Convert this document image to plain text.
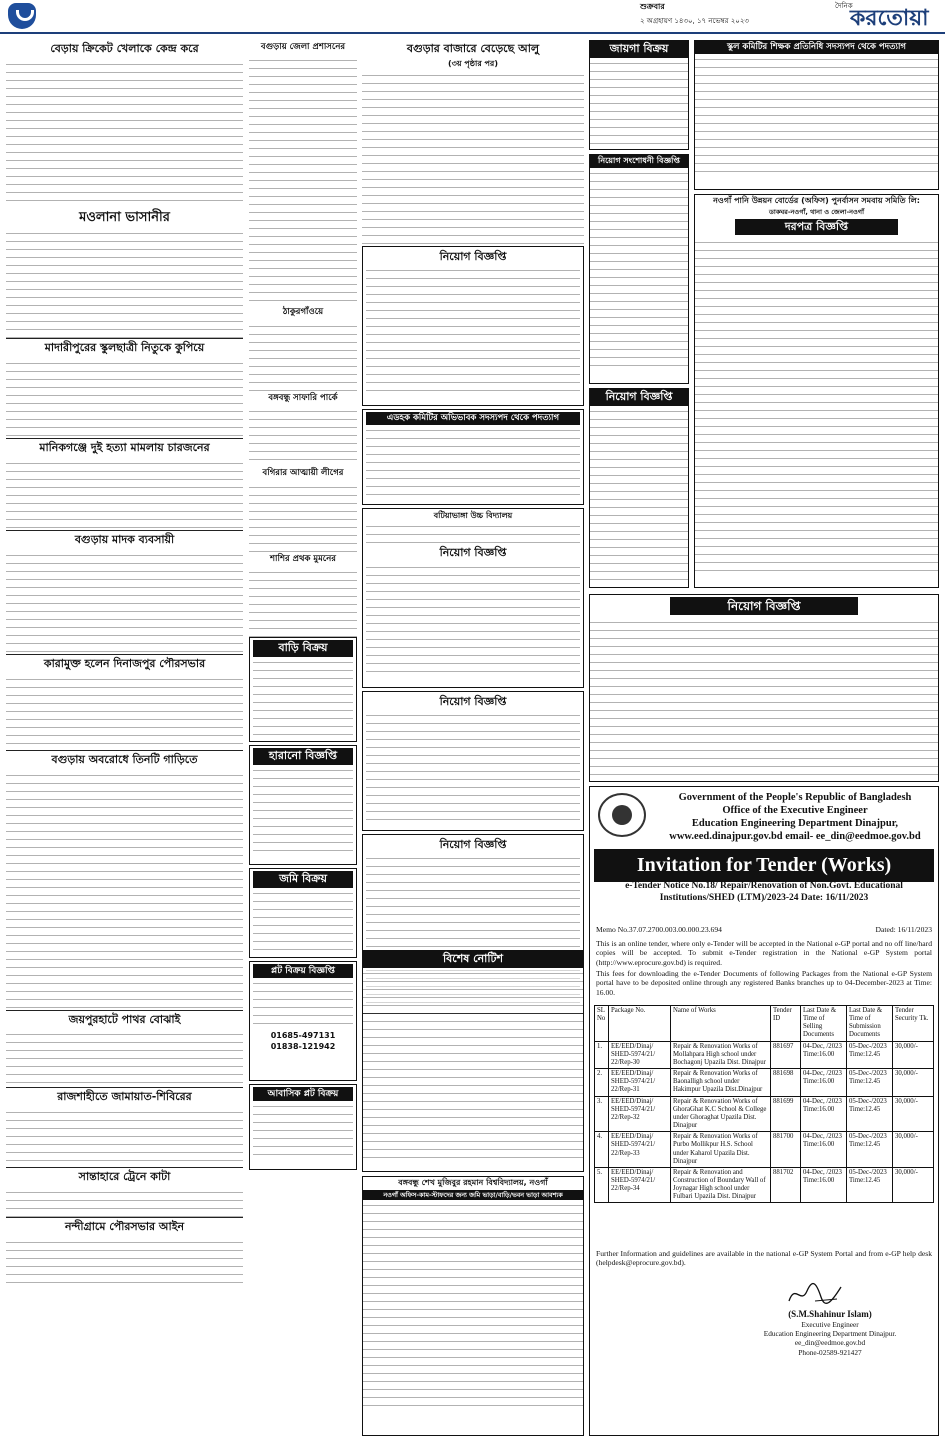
শুক্রবার
২ অগ্রহায়ণ ১৪৩০, ১৭ নভেম্বর ২০২৩
দৈনিক
করতোয়া
বেড়ায় ক্রিকেট খেলাকে কেন্দ্র করে
মওলানা ভাসানীর
মাদারীপুরের স্কুলছাত্রী নিতুকে কুপিয়ে
মানিকগঞ্জে দুই হত্যা মামলায় চারজনের
বগুড়ায় মাদক ব্যবসায়ী
কারামুক্ত হলেন দিনাজপুর পৌরসভার
বগুড়ায় অবরোধে তিনটি গাড়িতে
জয়পুরহাটে পাথর বোঝাই
রাজশাহীতে জামায়াত-শিবিরের
সান্তাহারে ট্রেনে কাটা
নন্দীগ্রামে পৌরসভার আইন
বগুড়ায় জেলা প্রশাসনের
ঠাকুরগাঁওয়ে
বঙ্গবন্ধু সাফারি পার্কে
বগিরার আত্মায়ী লীগের
শাশির প্রথক মুমনের
বাড়ি বিক্রয়
হারানো বিজ্ঞপ্তি
জমি বিক্রয়
প্লট বিক্রয় বিজ্ঞপ্তি
01685-497131
01838-121942
আবাসিক প্লট বিক্রয়
বগুড়ার বাজারে বেড়েছে আলু
(৩য় পৃষ্ঠার পর)
নিয়োগ বিজ্ঞপ্তি
এডহক কমিটির অভিভাবক সদস্যপদ থেকে পদত্যাগ
বটিয়াভাঙ্গা উচ্চ বিদ্যালয়
নিয়োগ বিজ্ঞপ্তি
নিয়োগ বিজ্ঞপ্তি
নিয়োগ বিজ্ঞপ্তি
বিশেষ নোটিশ
বঙ্গবন্ধু শেখ মুজিবুর রহমান বিশ্ববিদ্যালয়, নওগাঁ
নওগাঁ অফিস-কাম-স্টাফদের জন্য জমি ভাড়া/বাড়ি/ভবন ভাড়া আবশ্যক
জায়গা বিক্রয়	স্কুল কমিটির শিক্ষক প্রতিনিধি সদস্যপদ থেকে পদত্যাগ
নিয়োগ সংশোধনী বিজ্ঞপ্তি
নিয়োগ বিজ্ঞপ্তি
নওগাঁ পানি উন্নয়ন বোর্ডের (অফিস) পুনর্বাসন সমবায় সমিতি লি:
ডাকঘর-নওগাঁ, থানা ও জেলা-নওগাঁ
দরপত্র বিজ্ঞপ্তি
নিয়োগ বিজ্ঞপ্তি
Government of the People's Republic of Bangladesh
Office of the Executive Engineer
Education Engineering Department Dinajpur,
www.eed.dinajpur.gov.bd email- ee_din@eedmoe.gov.bd
Invitation for Tender (Works)
e-Tender Notice No.18/ Repair/Renovation of Non.Govt. Educational Institutions/SHED (LTM)/2023-24 Date: 16/11/2023
Memo No.37.07.2700.003.00.000.23.694	Dated: 16/11/2023
This is an online tender, where only e-Tender will be accepted in the National e-GP portal and no off line/hard copies will be accepted. To submit e-Tender registration in the National e-GP System portal (http://www.eprocure.gov.bd) is required.
This fees for downloading the e-Tender Documents of following Packages from the National e-GP System portal have to be deposited online through any registered Banks branches up to 04-December-2023 at Time: 16.00.
SL No	Package No.	Name of Works	Tender ID	Last Date & Time of Selling Documents	Last Date & Time of Submission Documents	Tender Security Tk.
1.	EE/EED/Dinaj/ SHED-5974/21/ 22/Rep-30	Repair & Renovation Works of Mollahpara High school under Bochagonj Upazila Dist. Dinajpur	881697	04-Dec, /2023 Time:16.00	05-Dec-/2023 Time:12.45	30,000/-
2.	EE/EED/Dinaj/ SHED-5974/21/ 22/Rep-31	Repair & Renovation Works of Baonalligh school under Hakimpur Upazila Dist.Dinajpur	881698	04-Dec, /2023 Time:16.00	05-Dec-/2023 Time:12.45	30,000/-
3.	EE/EED/Dinaj/ SHED-5974/21/ 22/Rep-32	Repair & Renovation Works of GhoraGhat K.C School & College under Ghoraghat Upazila Dist. Dinajpur	881699	04-Dec, /2023 Time:16.00	05-Dec-/2023 Time:12.45	30,000/-
4.	EE/EED/Dinaj/ SHED-5974/21/ 22/Rep-33	Repair & Renovation Works of Purbo Mollikpur H.S. School under Kaharol Upazila Dist. Dinajpur	881700	04-Dec, /2023 Time:16.00	05-Dec-/2023 Time:12.45	30,000/-
5.	EE/EED/Dinaj/ SHED-5974/21/ 22/Rep-34	Repair & Renovation and Construction of Boundary Wall of Joynagar High school under Fulbari Upazila Dist. Dinajpur	881702	04-Dec, /2023 Time:16.00	05-Dec-/2023 Time:12.45	30,000/-
Further Information and guidelines are available in the national e-GP System Portal and from e-GP help desk (helpdesk@eprocure.gov.bd).
(S.M.Shahinur Islam)
Executive Engineer
Education Engineering Department Dinajpur.
ee_din@eedmoe.gov.bd
Phone-02589-921427
